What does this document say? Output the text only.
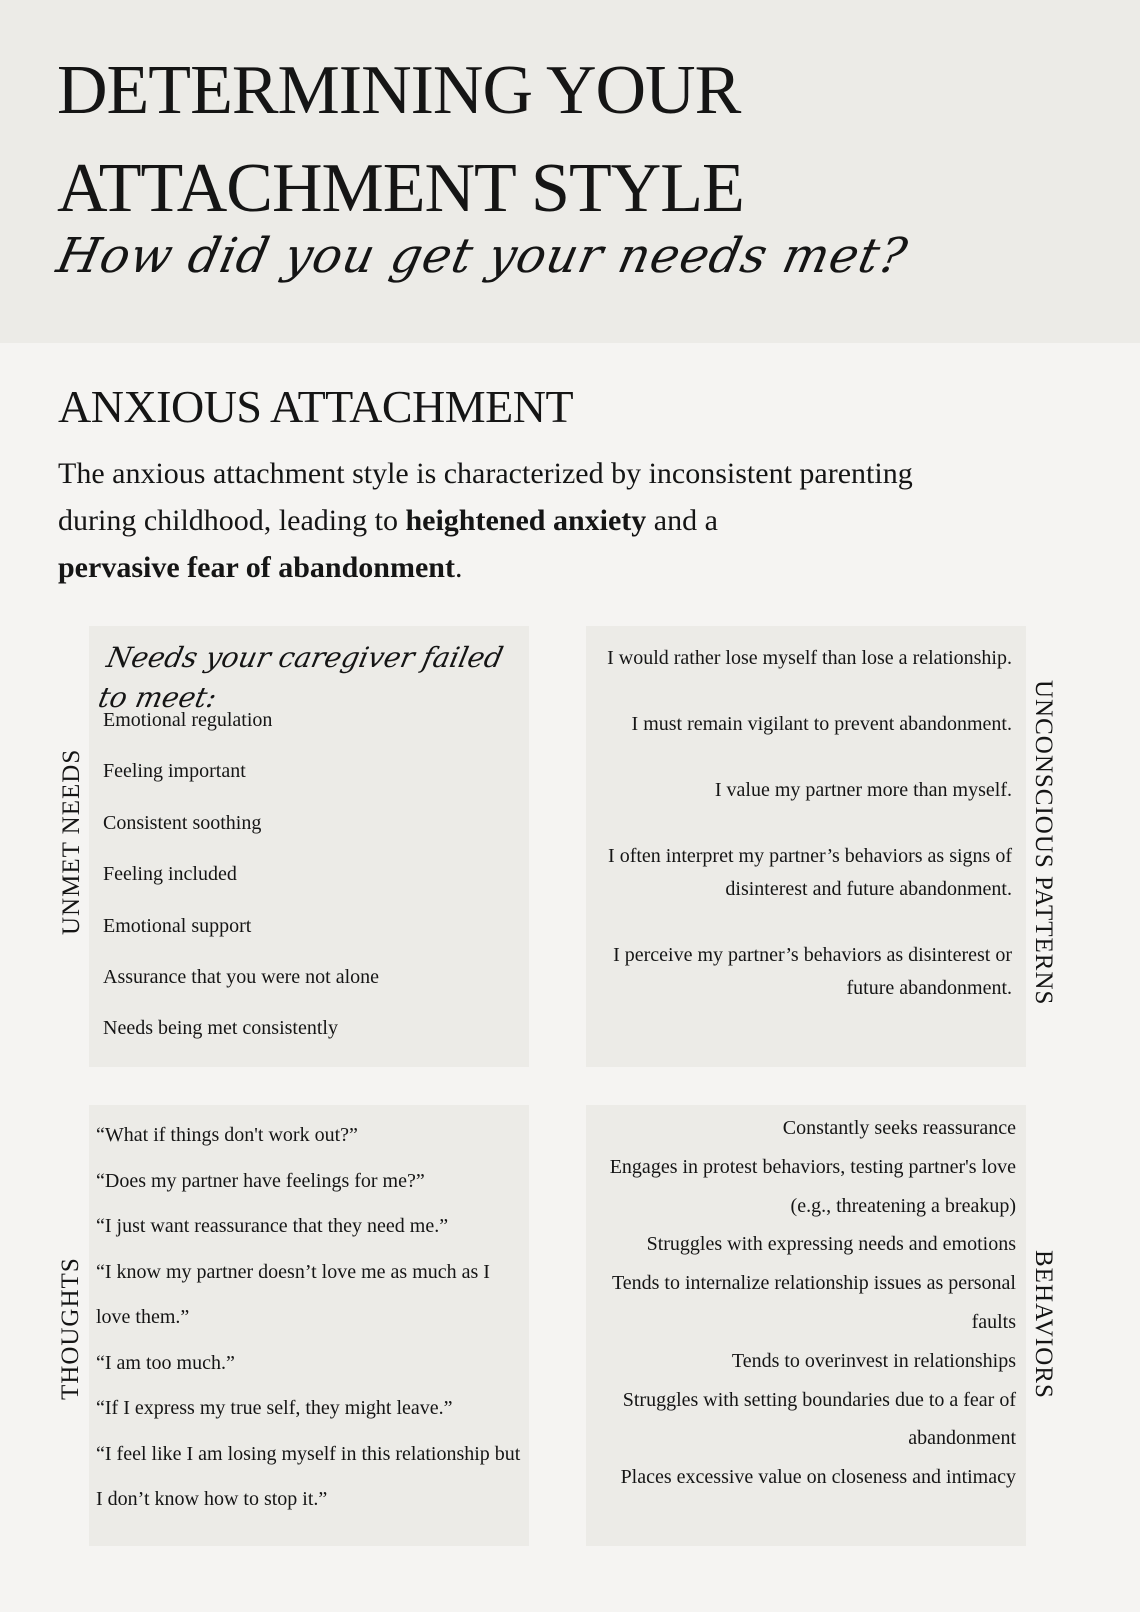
DETERMINING YOUR
ATTACHMENT STYLE
How did you get your needs met?
ANXIOUS ATTACHMENT

The anxious attachment style is characterized by inconsistent parenting during childhood, leading to heightened anxiety and a
pervasive fear of abandonment.

UNMET NEEDS
Needs your caregiver failed to meet:
Emotional regulation
Feeling important
Consistent soothing
Feeling included
Emotional support
Assurance that you were not alone
Needs being met consistently
I would rather lose myself than lose a relationship.
I must remain vigilant to prevent abandonment.
I value my partner more than myself.
I often interpret my partner’s behaviors as signs of disinterest and future abandonment.
I perceive my partner’s behaviors as disinterest or future abandonment. UNCONSCIOUS PATTERNS
THOUGHTS
“What if things don't work out?”
“Does my partner have feelings for me?”
“I just want reassurance that they need me.”
“I know my partner doesn’t love me as much as I love them.”
“I am too much.”
“If I express my true self, they might leave.”
“I feel like I am losing myself in this relationship but I don’t know how to stop it.”
Constantly seeks reassurance
Engages in protest behaviors, testing partner's love (e.g., threatening a breakup)
Struggles with expressing needs and emotions
Tends to internalize relationship issues as personal faults
Tends to overinvest in relationships
Struggles with setting boundaries due to a fear of abandonment
Places excessive value on closeness and intimacy
BEHAVIORS
